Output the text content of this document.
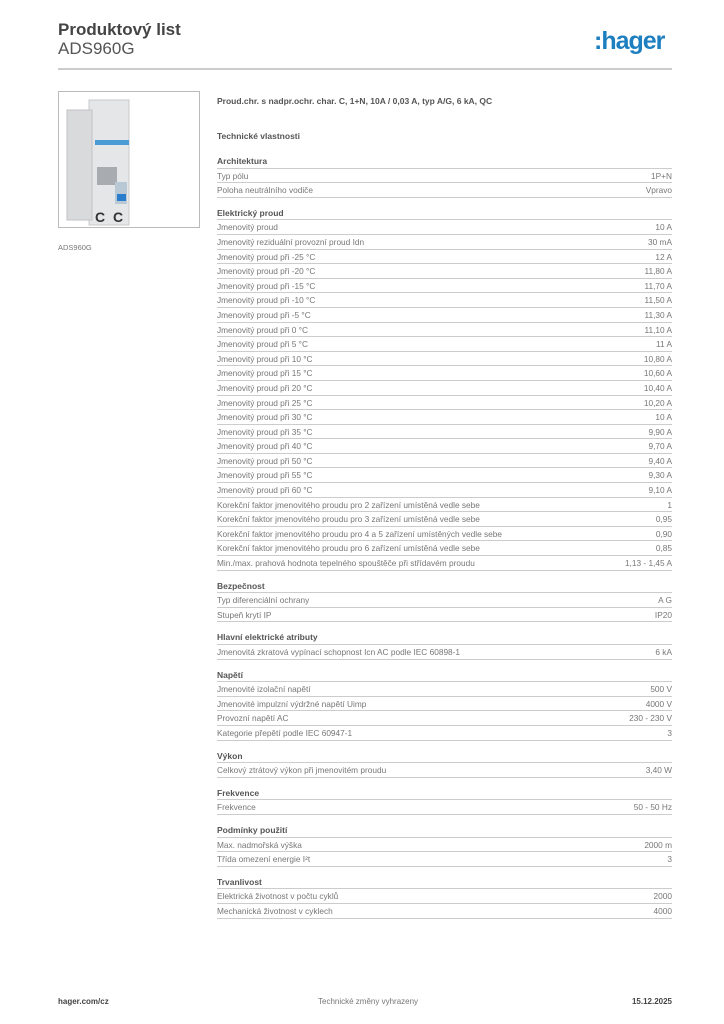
Produktový list
ADS960G	:hager
C C
ADS960G
Proud.chr. s nadpr.ochr. char. C, 1+N, 10A / 0,03 A, typ A/G, 6 kA, QC
Technické vlastnosti
Architektura
Typ pólu	1P+N
Poloha neutrálního vodiče	Vpravo
Elektrický proud
Jmenovitý proud	10 A
Jmenovitý reziduální provozní proud Idn	30 mA
Jmenovitý proud při -25 °C	12 A
Jmenovitý proud při -20 °C	11,80 A
Jmenovitý proud při -15 °C	11,70 A
Jmenovitý proud při -10 °C	11,50 A
Jmenovitý proud při -5 °C	11,30 A
Jmenovitý proud při 0 °C	11,10 A
Jmenovitý proud při 5 °C	11 A
Jmenovitý proud při 10 °C	10,80 A
Jmenovitý proud při 15 °C	10,60 A
Jmenovitý proud při 20 °C	10,40 A
Jmenovitý proud při 25 °C	10,20 A
Jmenovitý proud při 30 °C	10 A
Jmenovitý proud při 35 °C	9,90 A
Jmenovitý proud při 40 °C	9,70 A
Jmenovitý proud při 50 °C	9,40 A
Jmenovitý proud při 55 °C	9,30 A
Jmenovitý proud při 60 °C	9,10 A
Korekční faktor jmenovitého proudu pro 2 zařízení umístěná vedle sebe	1
Korekční faktor jmenovitého proudu pro 3 zařízení umístěná vedle sebe	0,95
Korekční faktor jmenovitého proudu pro 4 a 5 zařízení umístěných vedle sebe	0,90
Korekční faktor jmenovitého proudu pro 6 zařízení umístěná vedle sebe	0,85
Min./max. prahová hodnota tepelného spouštěče při střídavém proudu	1,13 - 1,45 A
Bezpečnost
Typ diferenciální ochrany	A G
Stupeň krytí IP	IP20
Hlavní elektrické atributy
Jmenovitá zkratová vypínací schopnost Icn AC podle IEC 60898-1	6 kA
Napětí
Jmenovité izolační napětí	500 V
Jmenovité impulzní výdržné napětí Uimp	4000 V
Provozní napětí AC	230 - 230 V
Kategorie přepětí podle IEC 60947-1	3
Výkon
Celkový ztrátový výkon při jmenovitém proudu	3,40 W
Frekvence
Frekvence	50 - 50 Hz
Podmínky použití
Max. nadmořská výška	2000 m
Třída omezení energie I²t	3
Trvanlivost
Elektrická životnost v počtu cyklů	2000
Mechanická životnost v cyklech	4000
hager.com/cz	Technické změny vyhrazeny	15.12.2025
